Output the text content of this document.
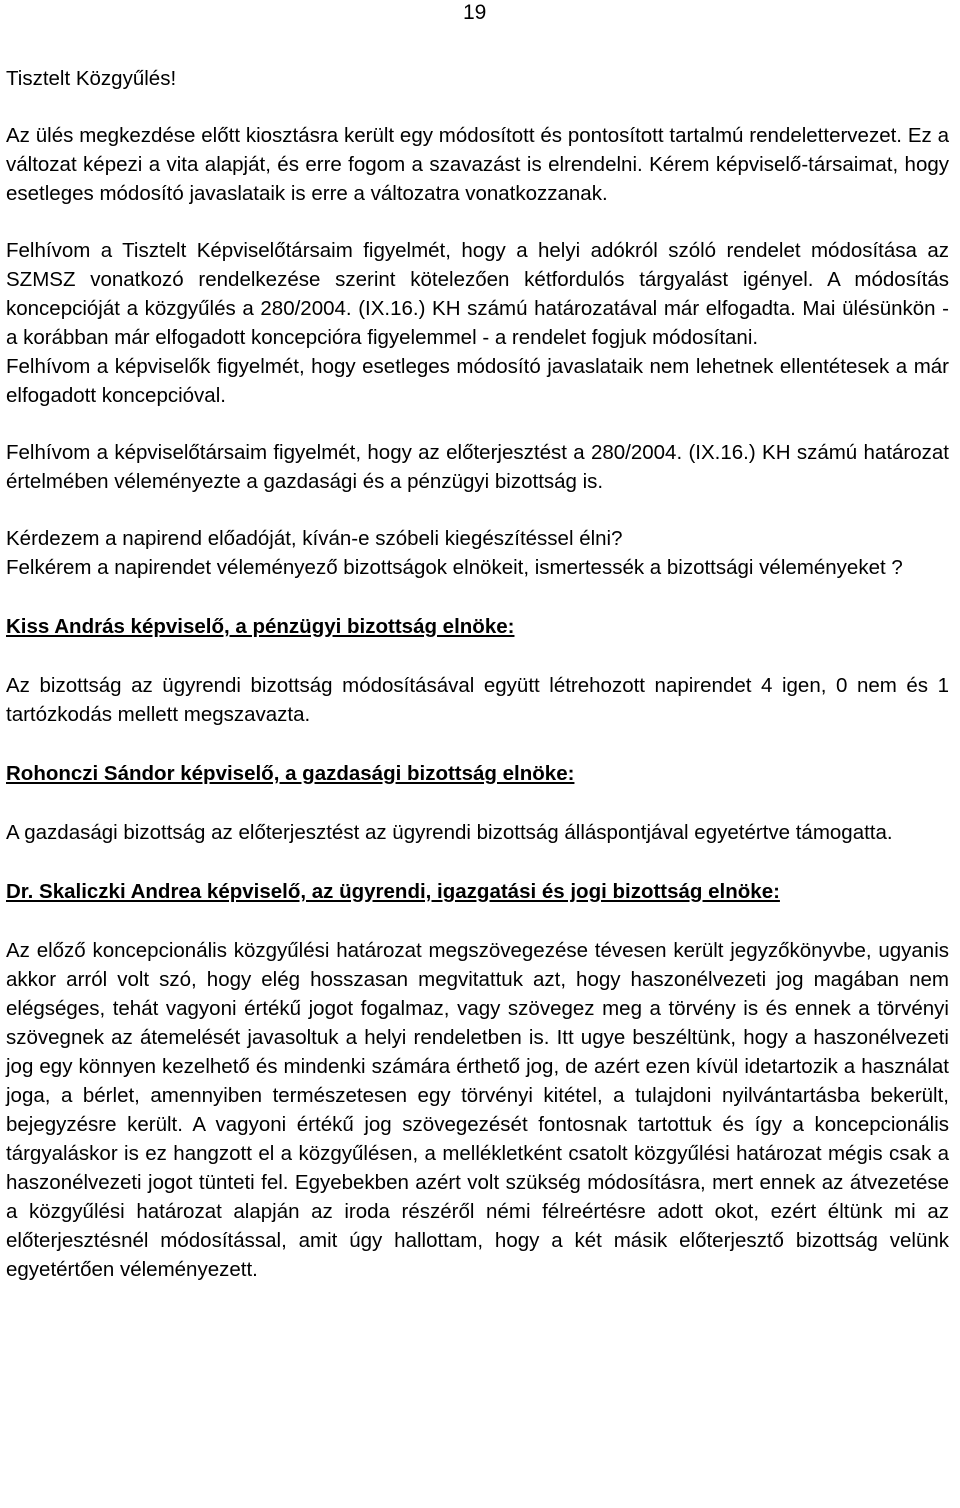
19

Tisztelt Közgyűlés!

Az ülés megkezdése előtt kiosztásra került egy módosított és pontosított tartalmú rendelettervezet. Ez a változat képezi a vita alapját, és erre fogom a szavazást is elrendelni. Kérem képviselő-társaimat, hogy esetleges módosító javaslataik is erre a változatra vonatkozzanak.

Felhívom a Tisztelt Képviselőtársaim figyelmét, hogy a helyi adókról szóló rendelet módosítása az SZMSZ vonatkozó rendelkezése szerint kötelezően kétfordulós tárgyalást igényel. A módosítás koncepcióját a közgyűlés a 280/2004. (IX.16.) KH számú határozatával már elfogadta. Mai ülésünkön - a korábban már elfogadott koncepcióra figyelemmel - a rendelet fogjuk módosítani.

Felhívom a képviselők figyelmét, hogy esetleges módosító javaslataik nem lehetnek ellentétesek a már elfogadott koncepcióval.

Felhívom a képviselőtársaim figyelmét, hogy az előterjesztést a 280/2004. (IX.16.) KH számú határozat értelmében véleményezte a gazdasági és a pénzügyi bizottság is.

Kérdezem a napirend előadóját, kíván-e szóbeli kiegészítéssel élni?

Felkérem a napirendet véleményező bizottságok elnökeit, ismertessék a bizottsági véleményeket ?

Kiss András képviselő, a pénzügyi bizottság elnöke:

Az bizottság az ügyrendi bizottság módosításával együtt létrehozott napirendet 4 igen, 0 nem és 1 tartózkodás mellett megszavazta.

Rohonczi Sándor képviselő, a gazdasági bizottság elnöke:

A gazdasági bizottság az előterjesztést az ügyrendi bizottság álláspontjával egyetértve támogatta.

Dr. Skaliczki Andrea képviselő, az ügyrendi, igazgatási és jogi bizottság elnöke:

Az előző koncepcionális közgyűlési határozat megszövegezése tévesen került jegyzőkönyvbe, ugyanis akkor arról volt szó, hogy elég hosszasan megvitattuk azt, hogy haszonélvezeti jog magában nem elégséges, tehát vagyoni értékű jogot fogalmaz, vagy szövegez meg a törvény is és ennek a törvényi szövegnek az átemelését javasoltuk a helyi rendeletben is. Itt ugye beszéltünk, hogy a haszonélvezeti jog egy könnyen kezelhető és mindenki számára érthető jog, de azért ezen kívül idetartozik a használat joga, a bérlet, amennyiben természetesen egy törvényi kitétel, a tulajdoni nyilvántartásba bekerült, bejegyzésre került. A vagyoni értékű jog szövegezését fontosnak tartottuk és így a koncepcionális tárgyaláskor is ez hangzott el a közgyűlésen, a mellékletként csatolt közgyűlési határozat mégis csak a haszonélvezeti jogot tünteti fel. Egyebekben azért volt szükség módosításra, mert ennek az átvezetése a közgyűlési határozat alapján az iroda részéről némi félreértésre adott okot, ezért éltünk mi az előterjesztésnél módosítással, amit úgy hallottam, hogy a két másik előterjesztő bizottság velünk egyetértően véleményezett.
